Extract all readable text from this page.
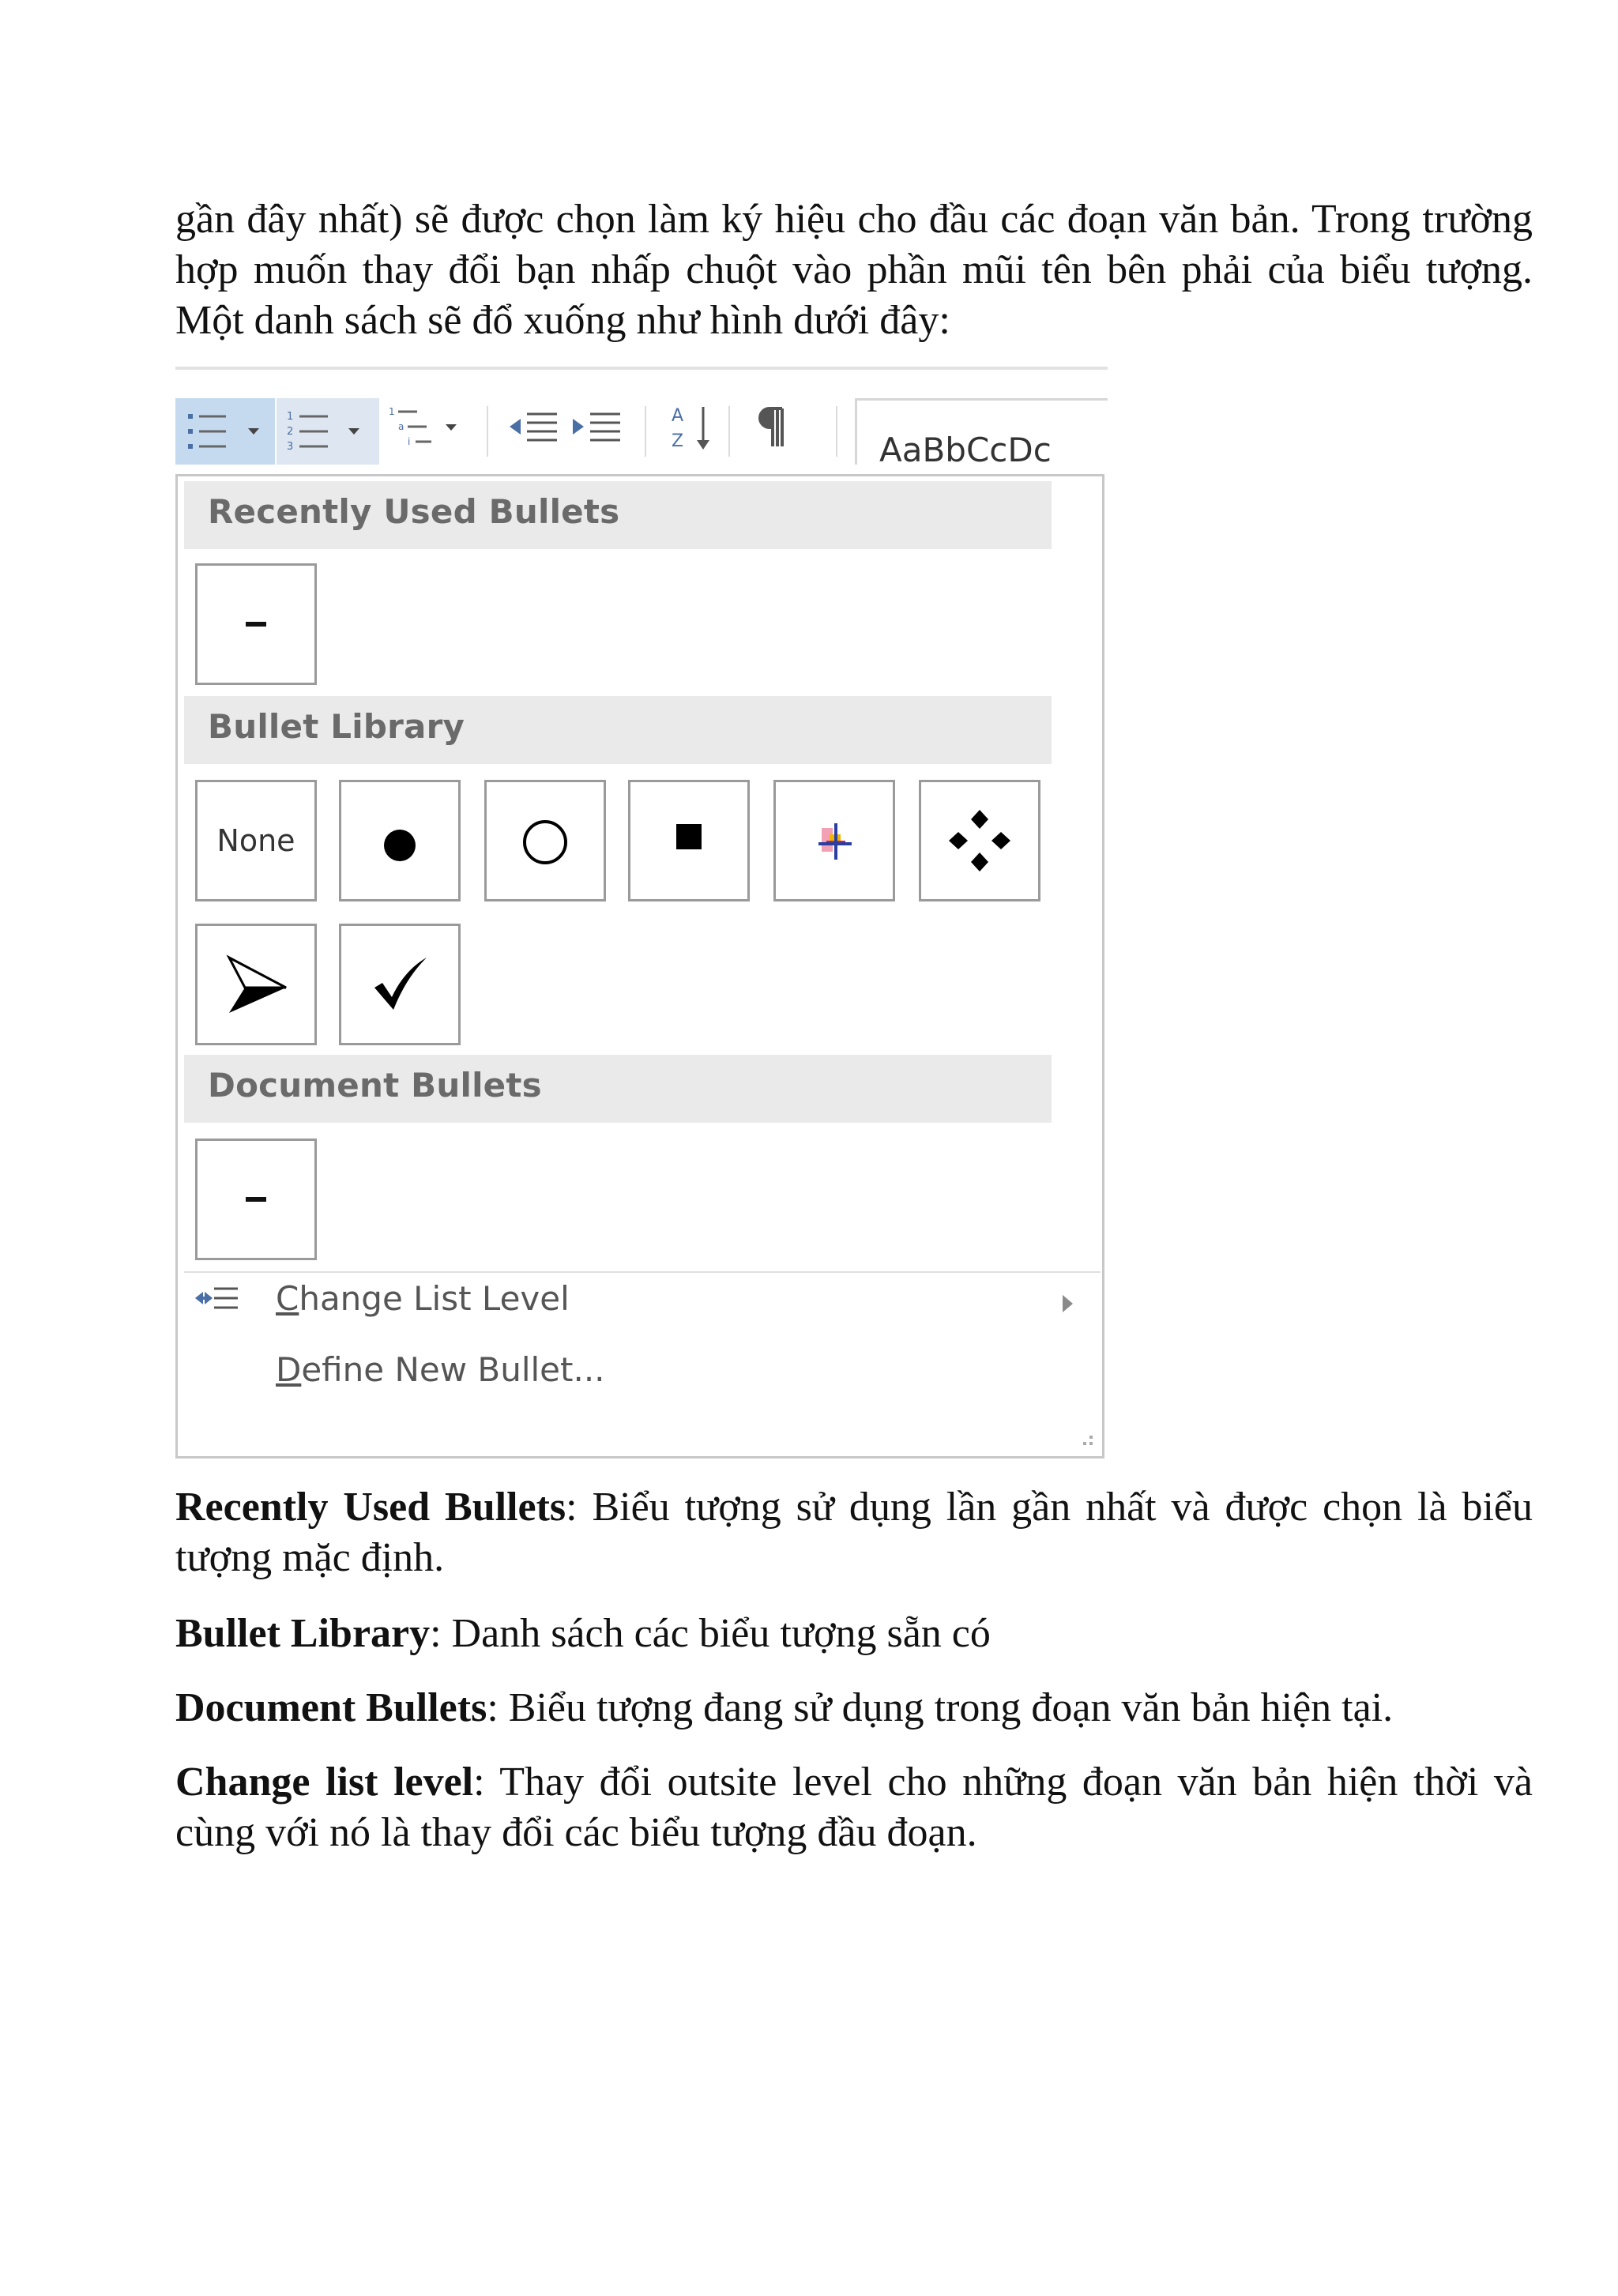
gần đây nhất) sẽ được chọn làm ký hiệu cho đầu các đoạn văn bản. Trong trường hợp muốn thay đổi bạn nhấp chuột vào phần mũi tên bên phải của biểu tượng. Một danh sách sẽ đổ xuống như hình dưới đây:

1
2
3
1
a
i
A
Z	AaBbCcDc
Recently Used Bullets
Bullet Library
None
Document Bullets
Change List Level
Define New Bullet...

Recently Used Bullets: Biểu tượng sử dụng lần gần nhất và được chọn là biểu tượng mặc định.

Bullet Library: Danh sách các biểu tượng sẵn có

Document Bullets: Biểu tượng đang sử dụng trong đoạn văn bản hiện tại.

Change list level: Thay đổi outsite level cho những đoạn văn bản hiện thời và cùng với nó là thay đổi các biểu tượng đầu đoạn.
